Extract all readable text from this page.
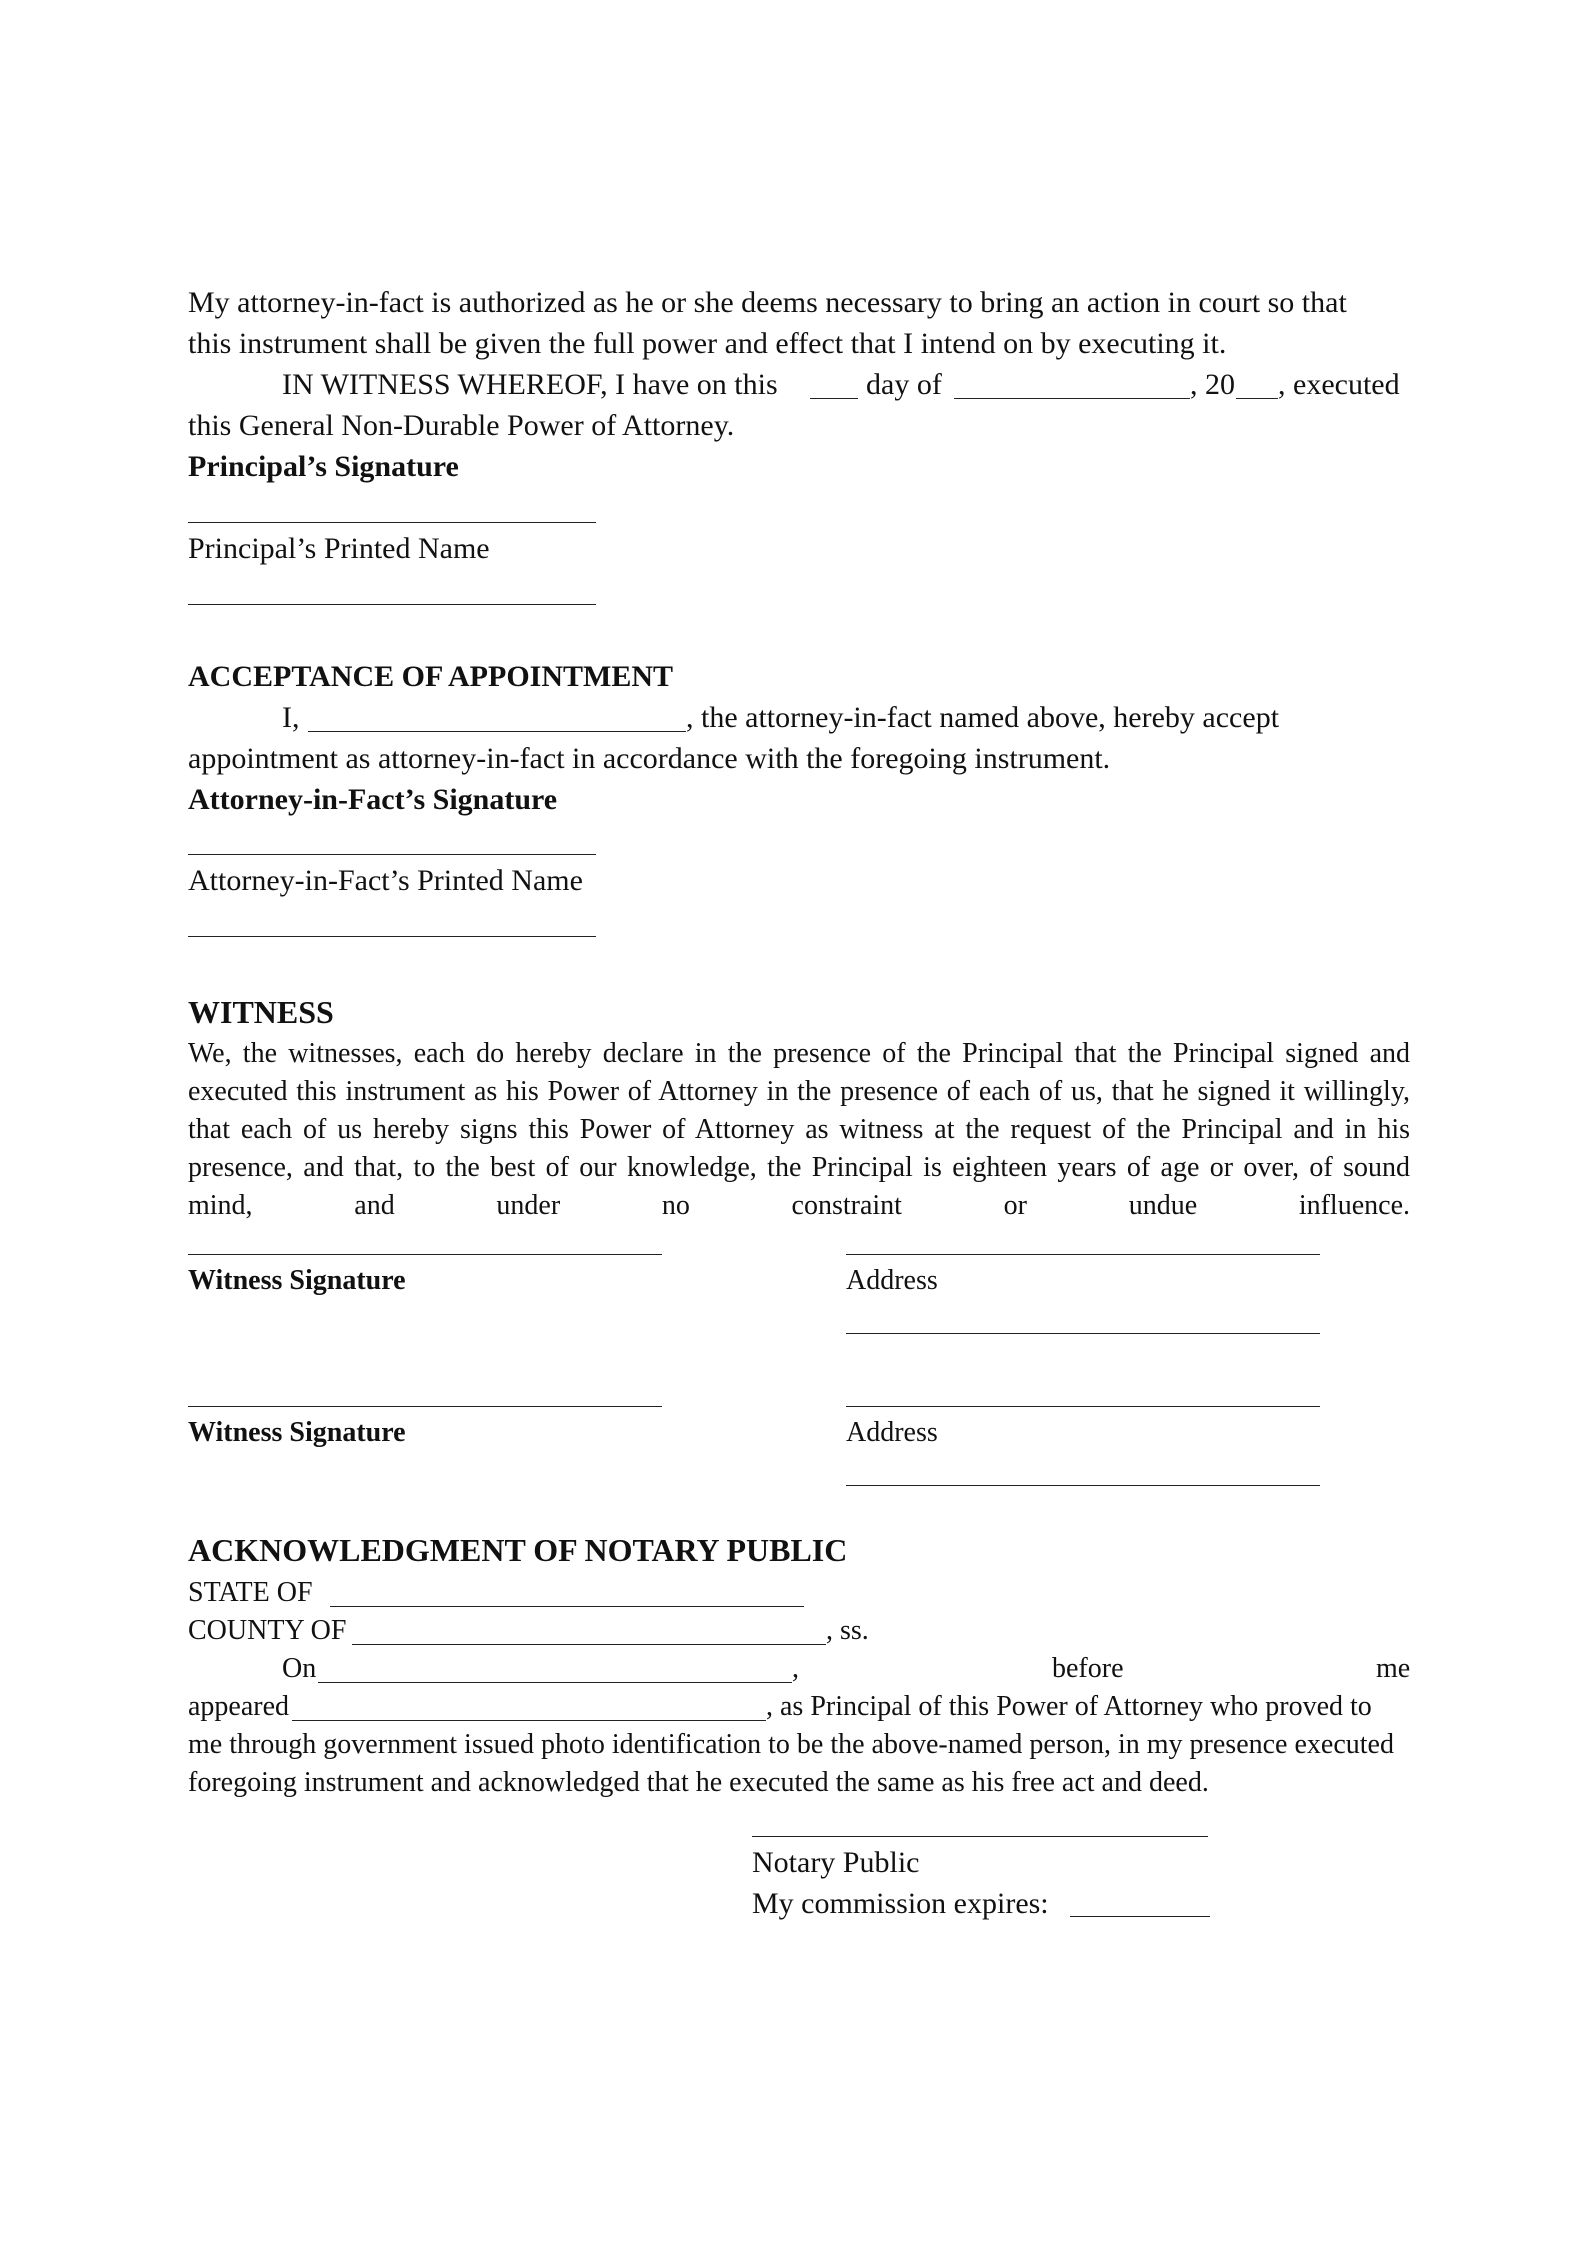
My attorney-in-fact is authorized as he or she deems necessary to bring an action in court so that
this instrument shall be given the full power and effect that I intend on by executing it.
IN WITNESS WHEREOF, I have on this	day of	, 20 , executed
this General Non-Durable Power of Attorney.
Principal’s Signature
Principal’s Printed Name
ACCEPTANCE OF APPOINTMENT
I,	, the attorney-in-fact named above, hereby accept
appointment as attorney-in-fact in accordance with the foregoing instrument.
Attorney-in-Fact’s Signature
Attorney-in-Fact’s Printed Name
WITNESS
We, the witnesses, each do hereby declare in the presence of the Principal that the Principal signed and executed this instrument as his Power of Attorney in the presence of each of us, that he signed it willingly, that each of us hereby signs this Power of Attorney as witness at the request of the Principal and in his presence, and that, to the best of our knowledge, the Principal is eighteen years of age or over, of sound mind, and under no constraint or undue influence.
Witness Signature	Address
Witness Signature	Address
ACKNOWLEDGMENT OF NOTARY PUBLIC
STATE OF
COUNTY OF	, ss.
On	,	before	me
appeared	, as Principal of this Power of Attorney who proved to
me through government issued photo identification to be the above-named person, in my presence executed
foregoing instrument and acknowledged that he executed the same as his free act and deed.
Notary Public
My commission expires:
